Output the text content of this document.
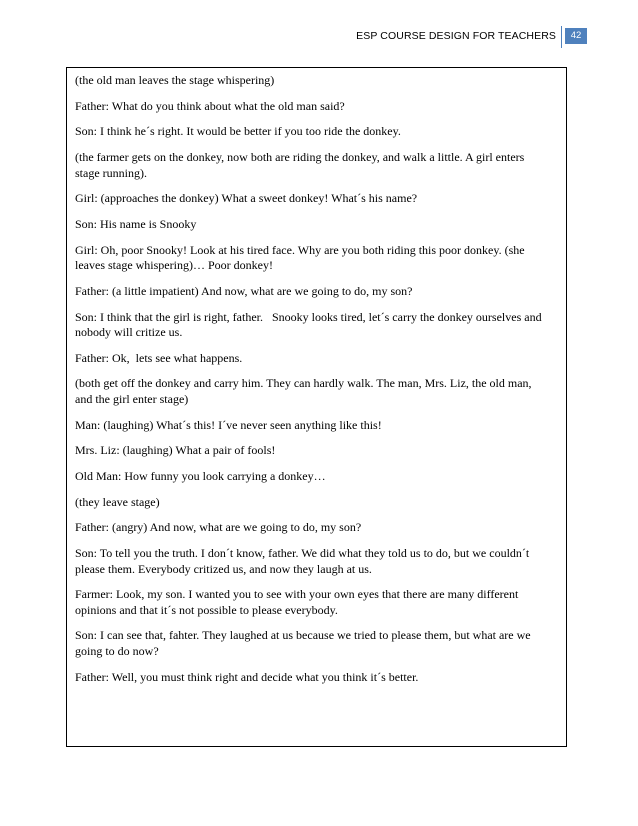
ESP COURSE DESIGN FOR TEACHERS	42

(the old man leaves the stage whispering)

Father: What do you think about what the old man said?

Son: I think he´s right. It would be better if you too ride the donkey.

(the farmer gets on the donkey, now both are riding the donkey, and walk a little. A girl enters
stage running).

Girl: (approaches the donkey) What a sweet donkey! What´s his name?

Son: His name is Snooky

Girl: Oh, poor Snooky! Look at his tired face. Why are you both riding this poor donkey. (she
leaves stage whispering)… Poor donkey!

Father: (a little impatient) And now, what are we going to do, my son?

Son: I think that the girl is right, father.   Snooky looks tired, let´s carry the donkey ourselves and
nobody will critize us.

Father: Ok,  lets see what happens.

(both get off the donkey and carry him. They can hardly walk. The man, Mrs. Liz, the old man,
and the girl enter stage)

Man: (laughing) What´s this! I´ve never seen anything like this!

Mrs. Liz: (laughing) What a pair of fools!

Old Man: How funny you look carrying a donkey…

(they leave stage)

Father: (angry) And now, what are we going to do, my son?

Son: To tell you the truth. I don´t know, father. We did what they told us to do, but we couldn´t
please them. Everybody critized us, and now they laugh at us.

Farmer: Look, my son. I wanted you to see with your own eyes that there are many different
opinions and that it´s not possible to please everybody.

Son: I can see that, fahter. They laughed at us because we tried to please them, but what are we
going to do now?

Father: Well, you must think right and decide what you think it´s better.
